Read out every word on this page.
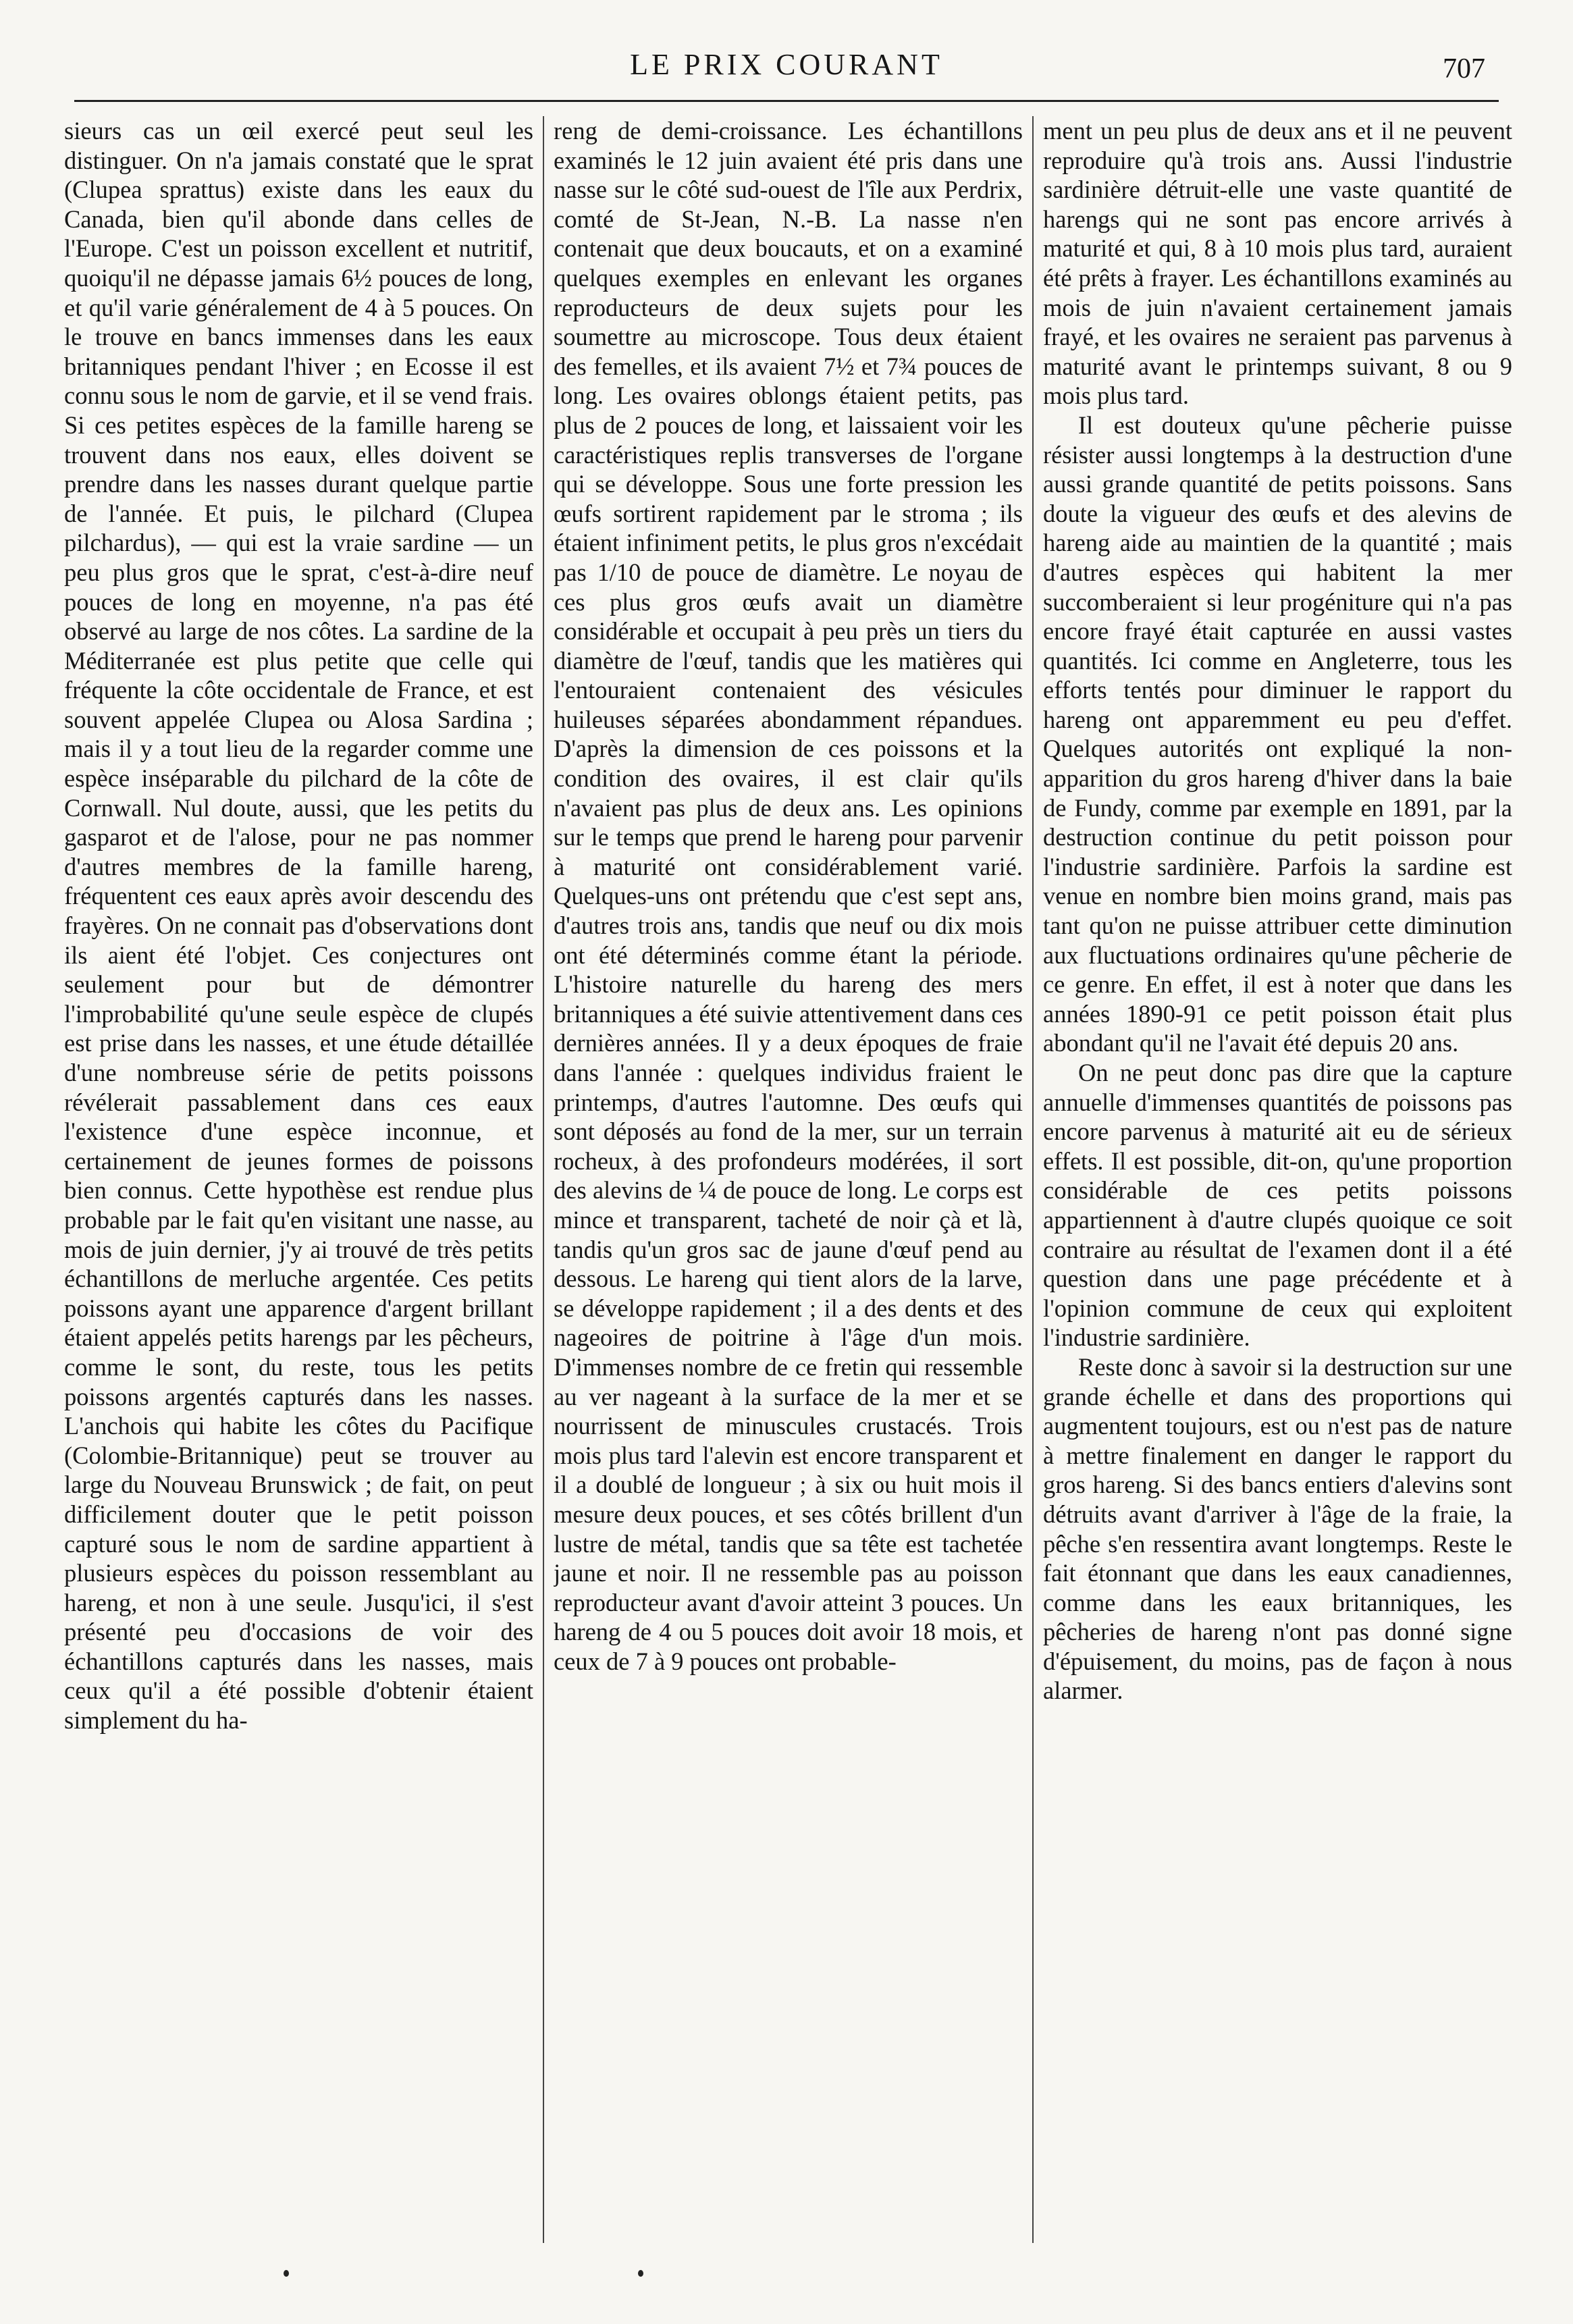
LE PRIX COURANT	707

sieurs cas un œil exercé peut seul les distinguer. On n'a jamais constaté que le sprat (Clupea sprattus) existe dans les eaux du Canada, bien qu'il abonde dans celles de l'Europe. C'est un poisson excellent et nutritif, quoiqu'il ne dépasse jamais 6½ pouces de long, et qu'il varie généralement de 4 à 5 pouces. On le trouve en bancs immenses dans les eaux britanniques pendant l'hiver ; en Ecosse il est connu sous le nom de garvie, et il se vend frais. Si ces petites espèces de la famille hareng se trouvent dans nos eaux, elles doivent se prendre dans les nasses durant quelque partie de l'année. Et puis, le pilchard (Clupea pilchardus), — qui est la vraie sardine — un peu plus gros que le sprat, c'est-à-dire neuf pouces de long en moyenne, n'a pas été observé au large de nos côtes. La sardine de la Méditerranée est plus petite que celle qui fréquente la côte occidentale de France, et est souvent appelée Clupea ou Alosa Sardina ; mais il y a tout lieu de la regarder comme une espèce inséparable du pilchard de la côte de Cornwall. Nul doute, aussi, que les petits du gasparot et de l'alose, pour ne pas nommer d'autres membres de la famille hareng, fréquentent ces eaux après avoir descendu des frayères. On ne connait pas d'observations dont ils aient été l'objet. Ces conjectures ont seulement pour but de démontrer l'improbabilité qu'une seule espèce de clupés est prise dans les nasses, et une étude détaillée d'une nombreuse série de petits poissons révélerait passablement dans ces eaux l'existence d'une espèce inconnue, et certainement de jeunes formes de poissons bien connus. Cette hypothèse est rendue plus probable par le fait qu'en visitant une nasse, au mois de juin dernier, j'y ai trouvé de très petits échantillons de merluche argentée. Ces petits poissons ayant une apparence d'argent brillant étaient appelés petits harengs par les pêcheurs, comme le sont, du reste, tous les petits poissons argentés capturés dans les nasses. L'anchois qui habite les côtes du Pacifique (Colombie-Britannique) peut se trouver au large du Nouveau Brunswick ; de fait, on peut difficilement douter que le petit poisson capturé sous le nom de sardine appartient à plusieurs espèces du poisson ressemblant au hareng, et non à une seule. Jusqu'ici, il s'est présenté peu d'occasions de voir des échantillons capturés dans les nasses, mais ceux qu'il a été possible d'obtenir étaient simplement du ha-

reng de demi-croissance. Les échantillons examinés le 12 juin avaient été pris dans une nasse sur le côté sud-ouest de l'île aux Perdrix, comté de St-Jean, N.-B. La nasse n'en contenait que deux boucauts, et on a examiné quelques exemples en enlevant les organes reproducteurs de deux sujets pour les soumettre au microscope. Tous deux étaient des femelles, et ils avaient 7½ et 7¾ pouces de long. Les ovaires oblongs étaient petits, pas plus de 2 pouces de long, et laissaient voir les caractéristiques replis transverses de l'organe qui se développe. Sous une forte pression les œufs sortirent rapidement par le stroma ; ils étaient infiniment petits, le plus gros n'excédait pas 1/10 de pouce de diamètre. Le noyau de ces plus gros œufs avait un diamètre considérable et occupait à peu près un tiers du diamètre de l'œuf, tandis que les matières qui l'entouraient contenaient des vésicules huileuses séparées abondamment répandues. D'après la dimension de ces poissons et la condition des ovaires, il est clair qu'ils n'avaient pas plus de deux ans. Les opinions sur le temps que prend le hareng pour parvenir à maturité ont considérablement varié. Quelques-uns ont prétendu que c'est sept ans, d'autres trois ans, tandis que neuf ou dix mois ont été déterminés comme étant la période. L'histoire naturelle du hareng des mers britanniques a été suivie attentivement dans ces dernières années. Il y a deux époques de fraie dans l'année : quelques individus fraient le printemps, d'autres l'automne. Des œufs qui sont déposés au fond de la mer, sur un terrain rocheux, à des profondeurs modérées, il sort des alevins de ¼ de pouce de long. Le corps est mince et transparent, tacheté de noir çà et là, tandis qu'un gros sac de jaune d'œuf pend au dessous. Le hareng qui tient alors de la larve, se développe rapidement ; il a des dents et des nageoires de poitrine à l'âge d'un mois. D'immenses nombre de ce fretin qui ressemble au ver nageant à la surface de la mer et se nourrissent de minuscules crustacés. Trois mois plus tard l'alevin est encore transparent et il a doublé de longueur ; à six ou huit mois il mesure deux pouces, et ses côtés brillent d'un lustre de métal, tandis que sa tête est tachetée jaune et noir. Il ne ressemble pas au poisson reproducteur avant d'avoir atteint 3 pouces. Un hareng de 4 ou 5 pouces doit avoir 18 mois, et ceux de 7 à 9 pouces ont probable-

ment un peu plus de deux ans et il ne peuvent reproduire qu'à trois ans. Aussi l'industrie sardinière détruit-elle une vaste quantité de harengs qui ne sont pas encore arrivés à maturité et qui, 8 à 10 mois plus tard, auraient été prêts à frayer. Les échantillons examinés au mois de juin n'avaient certainement jamais frayé, et les ovaires ne seraient pas parvenus à maturité avant le printemps suivant, 8 ou 9 mois plus tard.

Il est douteux qu'une pêcherie puisse résister aussi longtemps à la destruction d'une aussi grande quantité de petits poissons. Sans doute la vigueur des œufs et des alevins de hareng aide au maintien de la quantité ; mais d'autres espèces qui habitent la mer succomberaient si leur progéniture qui n'a pas encore frayé était capturée en aussi vastes quantités. Ici comme en Angleterre, tous les efforts tentés pour diminuer le rapport du hareng ont apparemment eu peu d'effet. Quelques autorités ont expliqué la non-apparition du gros hareng d'hiver dans la baie de Fundy, comme par exemple en 1891, par la destruction continue du petit poisson pour l'industrie sardinière. Parfois la sardine est venue en nombre bien moins grand, mais pas tant qu'on ne puisse attribuer cette diminution aux fluctuations ordinaires qu'une pêcherie de ce genre. En effet, il est à noter que dans les années 1890-91 ce petit poisson était plus abondant qu'il ne l'avait été depuis 20 ans.

On ne peut donc pas dire que la capture annuelle d'immenses quantités de poissons pas encore parvenus à maturité ait eu de sérieux effets. Il est possible, dit-on, qu'une proportion considérable de ces petits poissons appartiennent à d'autre clupés quoique ce soit contraire au résultat de l'examen dont il a été question dans une page précédente et à l'opinion commune de ceux qui exploitent l'industrie sardinière.

Reste donc à savoir si la destruction sur une grande échelle et dans des proportions qui augmentent toujours, est ou n'est pas de nature à mettre finalement en danger le rapport du gros hareng. Si des bancs entiers d'alevins sont détruits avant d'arriver à l'âge de la fraie, la pêche s'en ressentira avant longtemps. Reste le fait étonnant que dans les eaux canadiennes, comme dans les eaux britanniques, les pêcheries de hareng n'ont pas donné signe d'épuisement, du moins, pas de façon à nous alarmer.
